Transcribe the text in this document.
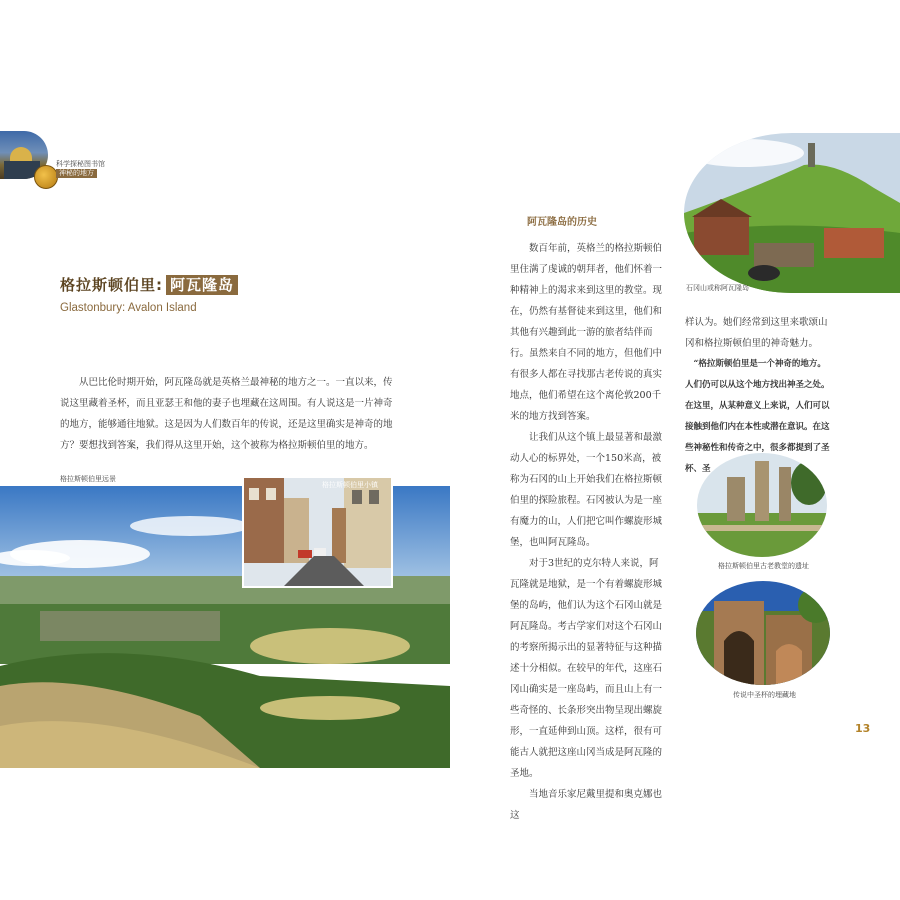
科学探秘图书馆
神秘的地方
格拉斯顿伯里: 阿瓦隆岛
Glastonbury: Avalon Island

从巴比伦时期开始，阿瓦隆岛就是英格兰最神秘的地方之一。一直以来，传说这里藏着圣杯，而且亚瑟王和他的妻子也埋藏在这周围。有人说这是一片神奇的地方，能够通往地狱。这是因为人们数百年的传说，还是这里确实是神奇的地方？要想找到答案，我们得从这里开始，这个被称为格拉斯顿伯里的地方。

格拉斯顿伯里远景
格拉斯顿伯里小镇
阿瓦隆岛的历史

数百年前，英格兰的格拉斯顿伯里住满了虔诚的朝拜者，他们怀着一种精神上的渴求来到这里的教堂。现在，仍然有基督徒来到这里，他们和其他有兴趣到此一游的旅者结伴而行。虽然来自不同的地方，但他们中有很多人都在寻找那古老传说的真实地点，他们希望在这个离伦敦200千米的地方找到答案。

让我们从这个镇上最显著和最激动人心的标界处，一个150米高，被称为石冈的山上开始我们在格拉斯顿伯里的探险旅程。石冈被认为是一座有魔力的山，人们把它叫作螺旋形城堡，也叫阿瓦隆岛。

对于3世纪的克尔特人来说，阿瓦隆就是地狱，是一个有着螺旋形城堡的岛屿，他们认为这个石冈山就是阿瓦隆岛。考古学家们对这个石冈山的考察所揭示出的显著特征与这种描述十分相似。在较早的年代，这座石冈山确实是一座岛屿，而且山上有一些奇怪的、长条形突出物呈现出螺旋形，一直延伸到山顶。这样，很有可能古人就把这座山冈当成是阿瓦隆的圣地。

当地音乐家尼戴里提和奥克娜也这

石冈山或称阿瓦隆岛

样认为。她们经常到这里来歌颂山冈和格拉斯顿伯里的神奇魅力。

“格拉斯顿伯里是一个神奇的地方。人们仍可以从这个地方找出神圣之处。在这里，从某种意义上来说，人们可以接触到他们内在本性或潜在意识。在这些神秘性和传奇之中，很多都提到了圣杯、圣

格拉斯顿伯里古老教堂的遗址
传说中圣杯的埋藏地
13
